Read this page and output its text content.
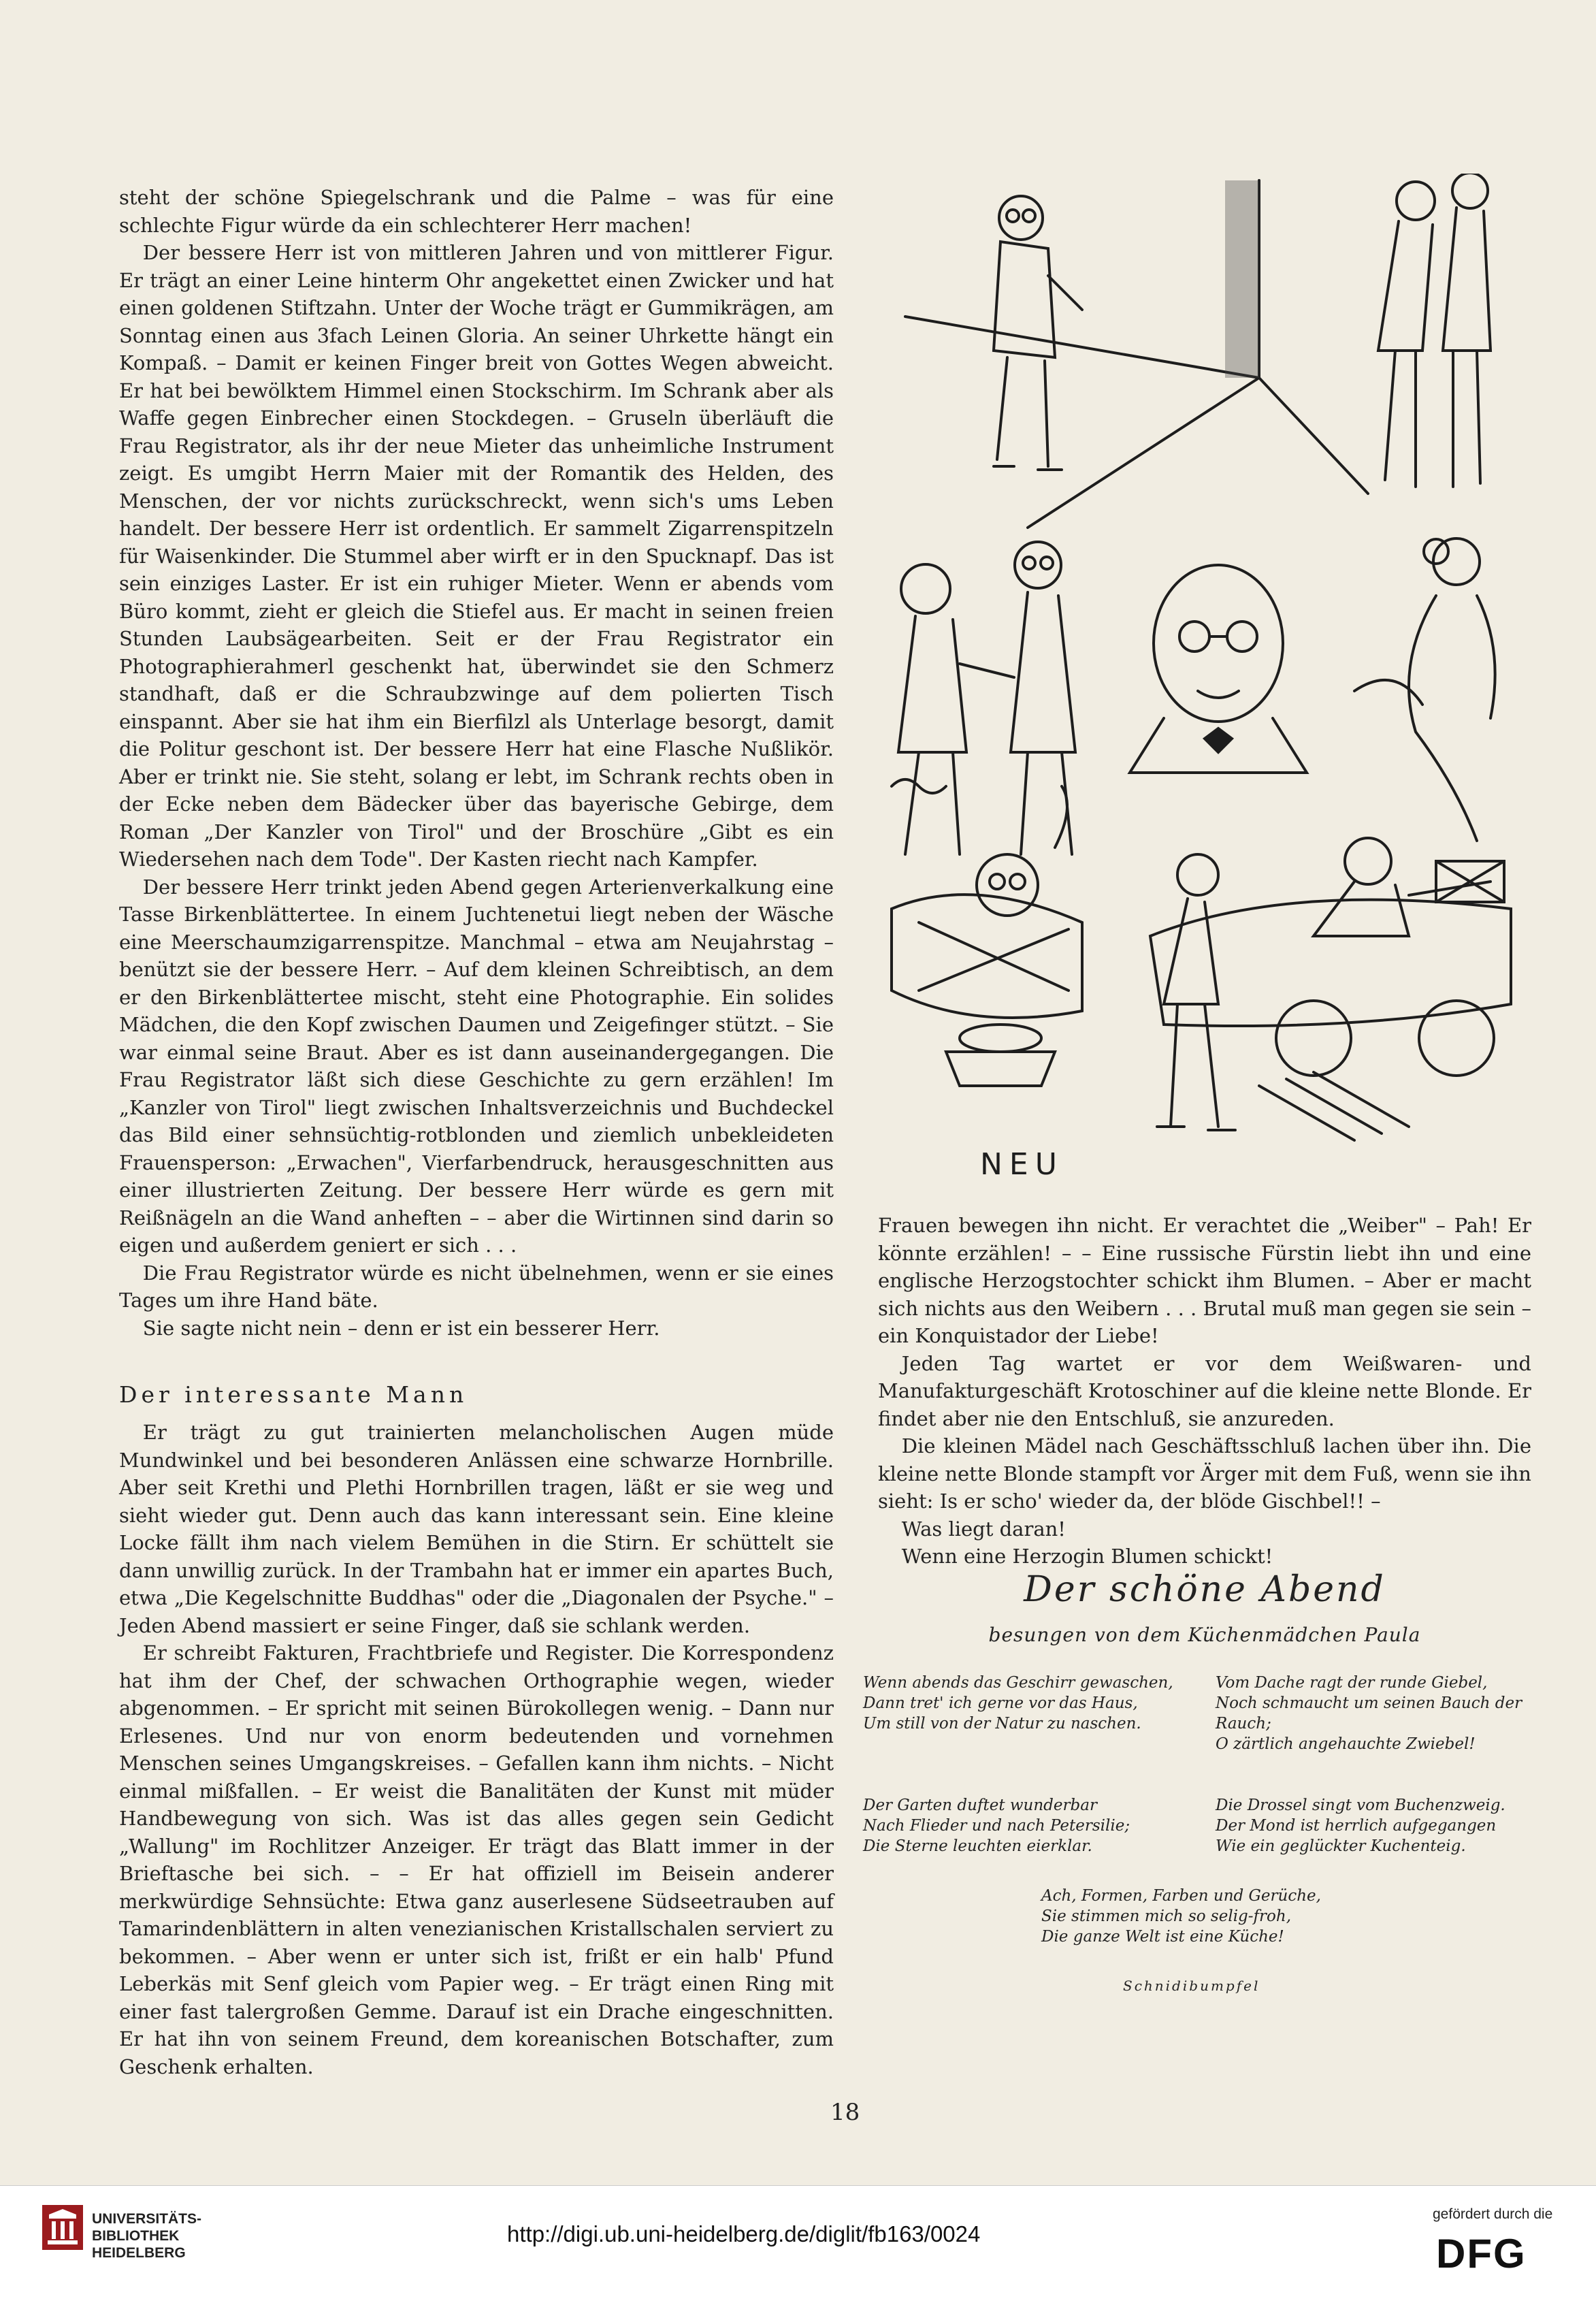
steht der schöne Spiegelschrank und die Palme – was für eine schlechte Figur würde da ein schlechterer Herr machen!

Der bessere Herr ist von mittleren Jahren und von mittlerer Figur. Er trägt an einer Leine hinterm Ohr angekettet einen Zwicker und hat einen goldenen Stiftzahn. Unter der Woche trägt er Gummikrägen, am Sonntag einen aus 3fach Leinen Gloria. An seiner Uhrkette hängt ein Kompaß. – Damit er keinen Finger breit von Gottes Wegen abweicht. Er hat bei bewölktem Himmel einen Stockschirm. Im Schrank aber als Waffe gegen Einbrecher einen Stockdegen. – Gruseln überläuft die Frau Registrator, als ihr der neue Mieter das unheimliche Instrument zeigt. Es umgibt Herrn Maier mit der Romantik des Helden, des Menschen, der vor nichts zurückschreckt, wenn sich's ums Leben handelt. Der bessere Herr ist ordentlich. Er sammelt Zigarrenspitzeln für Waisenkinder. Die Stummel aber wirft er in den Spucknapf. Das ist sein einziges Laster. Er ist ein ruhiger Mieter. Wenn er abends vom Büro kommt, zieht er gleich die Stiefel aus. Er macht in seinen freien Stunden Laubsägearbeiten. Seit er der Frau Registrator ein Photographierahmerl geschenkt hat, überwindet sie den Schmerz standhaft, daß er die Schraubzwinge auf dem polierten Tisch einspannt. Aber sie hat ihm ein Bierfilzl als Unterlage besorgt, damit die Politur geschont ist. Der bessere Herr hat eine Flasche Nußlikör. Aber er trinkt nie. Sie steht, solang er lebt, im Schrank rechts oben in der Ecke neben dem Bädecker über das bayerische Gebirge, dem Roman „Der Kanzler von Tirol" und der Broschüre „Gibt es ein Wiedersehen nach dem Tode". Der Kasten riecht nach Kampfer.

Der bessere Herr trinkt jeden Abend gegen Arterienverkalkung eine Tasse Birkenblättertee. In einem Juchtenetui liegt neben der Wäsche eine Meerschaumzigarrenspitze. Manchmal – etwa am Neujahrstag – benützt sie der bessere Herr. – Auf dem kleinen Schreibtisch, an dem er den Birkenblättertee mischt, steht eine Photographie. Ein solides Mädchen, die den Kopf zwischen Daumen und Zeigefinger stützt. – Sie war einmal seine Braut. Aber es ist dann auseinandergegangen. Die Frau Registrator läßt sich diese Geschichte zu gern erzählen! Im „Kanzler von Tirol" liegt zwischen Inhaltsverzeichnis und Buchdeckel das Bild einer sehnsüchtig-rotblonden und ziemlich unbekleideten Frauensperson: „Erwachen", Vierfarbendruck, herausgeschnitten aus einer illustrierten Zeitung. Der bessere Herr würde es gern mit Reißnägeln an die Wand anheften – – aber die Wirtinnen sind darin so eigen und außerdem geniert er sich . . .

Die Frau Registrator würde es nicht übelnehmen, wenn er sie eines Tages um ihre Hand bäte.

Sie sagte nicht nein – denn er ist ein besserer Herr.

Der interessante Mann

Er trägt zu gut trainierten melancholischen Augen müde Mundwinkel und bei besonderen Anlässen eine schwarze Hornbrille. Aber seit Krethi und Plethi Hornbrillen tragen, läßt er sie weg und sieht wieder gut. Denn auch das kann interessant sein. Eine kleine Locke fällt ihm nach vielem Bemühen in die Stirn. Er schüttelt sie dann unwillig zurück. In der Trambahn hat er immer ein apartes Buch, etwa „Die Kegelschnitte Buddhas" oder die „Diagonalen der Psyche." – Jeden Abend massiert er seine Finger, daß sie schlank werden.

Er schreibt Fakturen, Frachtbriefe und Register. Die Korrespondenz hat ihm der Chef, der schwachen Orthographie wegen, wieder abgenommen. – Er spricht mit seinen Bürokollegen wenig. – Dann nur Erlesenes. Und nur von enorm bedeutenden und vornehmen Menschen seines Umgangskreises. – Gefallen kann ihm nichts. – Nicht einmal mißfallen. – Er weist die Banalitäten der Kunst mit müder Handbewegung von sich. Was ist das alles gegen sein Gedicht „Wallung" im Rochlitzer Anzeiger. Er trägt das Blatt immer in der Brieftasche bei sich. – – Er hat offiziell im Beisein anderer merkwürdige Sehnsüchte: Etwa ganz auserlesene Südseetrauben auf Tamarindenblättern in alten venezianischen Kristallschalen serviert zu bekommen. – Aber wenn er unter sich ist, frißt er ein halb' Pfund Leberkäs mit Senf gleich vom Papier weg. – Er trägt einen Ring mit einer fast talergroßen Gemme. Darauf ist ein Drache eingeschnitten. Er hat ihn von seinem Freund, dem koreanischen Botschafter, zum Geschenk erhalten.

NEU

Frauen bewegen ihn nicht. Er verachtet die „Weiber" – Pah! Er könnte erzählen! – – Eine russische Fürstin liebt ihn und eine englische Herzogstochter schickt ihm Blumen. – Aber er macht sich nichts aus den Weibern . . . Brutal muß man gegen sie sein – ein Konquistador der Liebe!

Jeden Tag wartet er vor dem Weißwaren- und Manufakturgeschäft Krotoschiner auf die kleine nette Blonde. Er findet aber nie den Entschluß, sie anzureden.

Die kleinen Mädel nach Geschäftsschluß lachen über ihn. Die kleine nette Blonde stampft vor Ärger mit dem Fuß, wenn sie ihn sieht: Is er scho' wieder da, der blöde Gischbel!! –

Was liegt daran!

Wenn eine Herzogin Blumen schickt!

Der schöne Abend
besungen von dem Küchenmädchen Paula

Wenn abends das Geschirr gewaschen,
Dann tret' ich gerne vor das Haus,
Um still von der Natur zu naschen.

Vom Dache ragt der runde Giebel,
Noch schmaucht um seinen Bauch der Rauch;
O zärtlich angehauchte Zwiebel!

Der Garten duftet wunderbar
Nach Flieder und nach Petersilie;
Die Sterne leuchten eierklar.

Die Drossel singt vom Buchenzweig.
Der Mond ist herrlich aufgegangen
Wie ein geglückter Kuchenteig.

Ach, Formen, Farben und Gerüche,
Sie stimmen mich so selig-froh,
Die ganze Welt ist eine Küche!

Schnidibumpfel
18
UNIVERSITÄTS-
BIBLIOTHEK
HEIDELBERG
http://digi.ub.uni-heidelberg.de/diglit/fb163/0024
gefördert durch die
DFG
